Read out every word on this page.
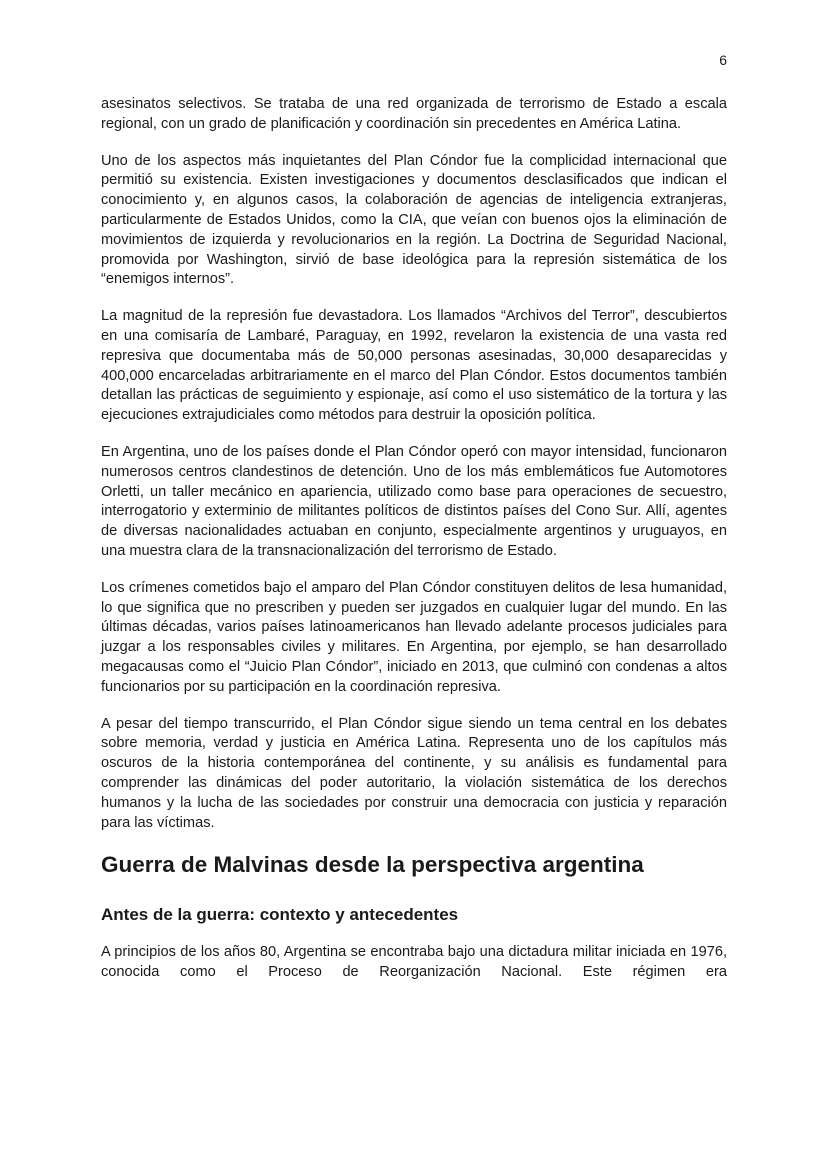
6

asesinatos selectivos. Se trataba de una red organizada de terrorismo de Estado a escala regional, con un grado de planificación y coordinación sin precedentes en América Latina.

Uno de los aspectos más inquietantes del Plan Cóndor fue la complicidad internacional que permitió su existencia. Existen investigaciones y documentos desclasificados que indican el conocimiento y, en algunos casos, la colaboración de agencias de inteligencia extranjeras, particularmente de Estados Unidos, como la CIA, que veían con buenos ojos la eliminación de movimientos de izquierda y revolucionarios en la región. La Doctrina de Seguridad Nacional, promovida por Washington, sirvió de base ideológica para la represión sistemática de los “enemigos internos”.

La magnitud de la represión fue devastadora. Los llamados “Archivos del Terror”, descubiertos en una comisaría de Lambaré, Paraguay, en 1992, revelaron la existencia de una vasta red represiva que documentaba más de 50,000 personas asesinadas, 30,000 desaparecidas y 400,000 encarceladas arbitrariamente en el marco del Plan Cóndor. Estos documentos también detallan las prácticas de seguimiento y espionaje, así como el uso sistemático de la tortura y las ejecuciones extrajudiciales como métodos para destruir la oposición política.

En Argentina, uno de los países donde el Plan Cóndor operó con mayor intensidad, funcionaron numerosos centros clandestinos de detención. Uno de los más emblemáticos fue Automotores Orletti, un taller mecánico en apariencia, utilizado como base para operaciones de secuestro, interrogatorio y exterminio de militantes políticos de distintos países del Cono Sur. Allí, agentes de diversas nacionalidades actuaban en conjunto, especialmente argentinos y uruguayos, en una muestra clara de la transnacionalización del terrorismo de Estado.

Los crímenes cometidos bajo el amparo del Plan Cóndor constituyen delitos de lesa humanidad, lo que significa que no prescriben y pueden ser juzgados en cualquier lugar del mundo. En las últimas décadas, varios países latinoamericanos han llevado adelante procesos judiciales para juzgar a los responsables civiles y militares. En Argentina, por ejemplo, se han desarrollado megacausas como el “Juicio Plan Cóndor”, iniciado en 2013, que culminó con condenas a altos funcionarios por su participación en la coordinación represiva.

A pesar del tiempo transcurrido, el Plan Cóndor sigue siendo un tema central en los debates sobre memoria, verdad y justicia en América Latina. Representa uno de los capítulos más oscuros de la historia contemporánea del continente, y su análisis es fundamental para comprender las dinámicas del poder autoritario, la violación sistemática de los derechos humanos y la lucha de las sociedades por construir una democracia con justicia y reparación para las víctimas.

Guerra de Malvinas desde la perspectiva argentina
Antes de la guerra: contexto y antecedentes

A principios de los años 80, Argentina se encontraba bajo una dictadura militar iniciada en 1976, conocida como el Proceso de Reorganización Nacional. Este régimen era
